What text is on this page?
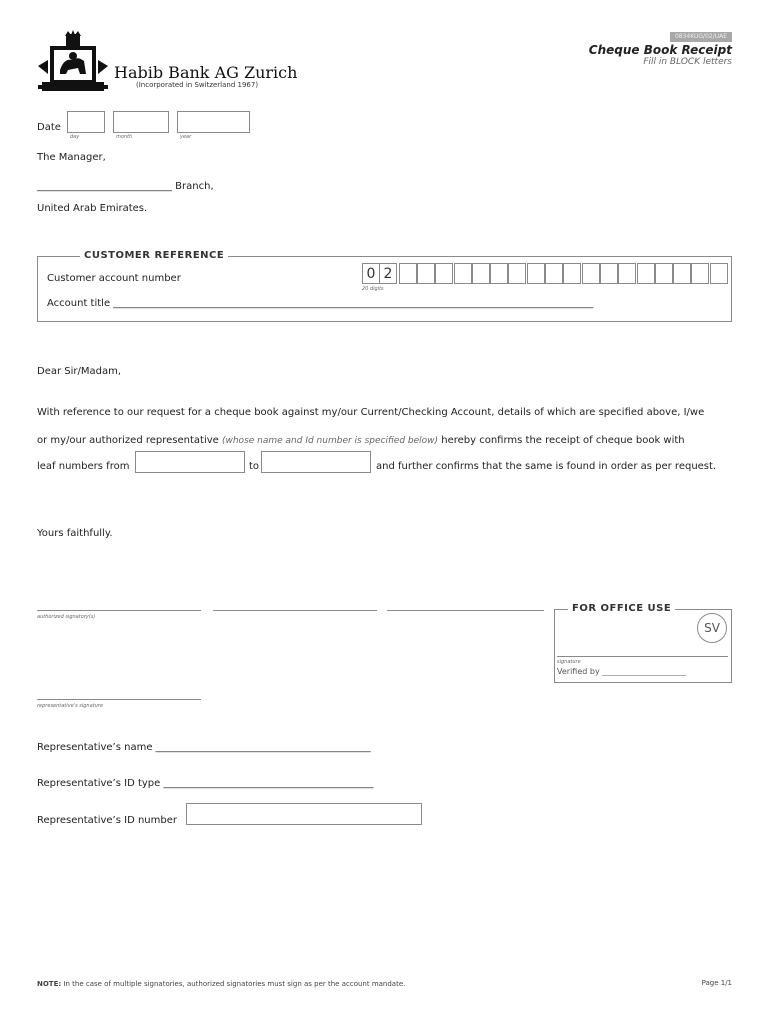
0834KUG/02/UAE
Cheque Book Receipt
Fill in BLOCK letters
Habib Bank AG Zurich
(Incorporated in Switzerland 1967)
Date
day	month	year
The Manager,
___________________________ Branch,
United Arab Emirates.
CUSTOMER REFERENCE
Customer account number	0 2
20 digits
Account title ________________________________________________________________________________________________
Dear Sir/Madam,
With reference to our request for a cheque book against my/our Current/Checking Account, details of which are specified above, I/we
or my/our authorized representative (whose name and Id number is specified below) hereby confirms the receipt of cheque book with
leaf numbers from	to	and further confirms that the same is found in order as per request.
Yours faithfully.
authorized signatory(s)
representative's signature
FOR OFFICE USE
SV
signature
Verified by _____________________
Representative’s name ___________________________________________
Representative’s ID type __________________________________________
Representative’s ID number
NOTE: In the case of multiple signatories, authorized signatories must sign as per the account mandate.	Page 1/1
